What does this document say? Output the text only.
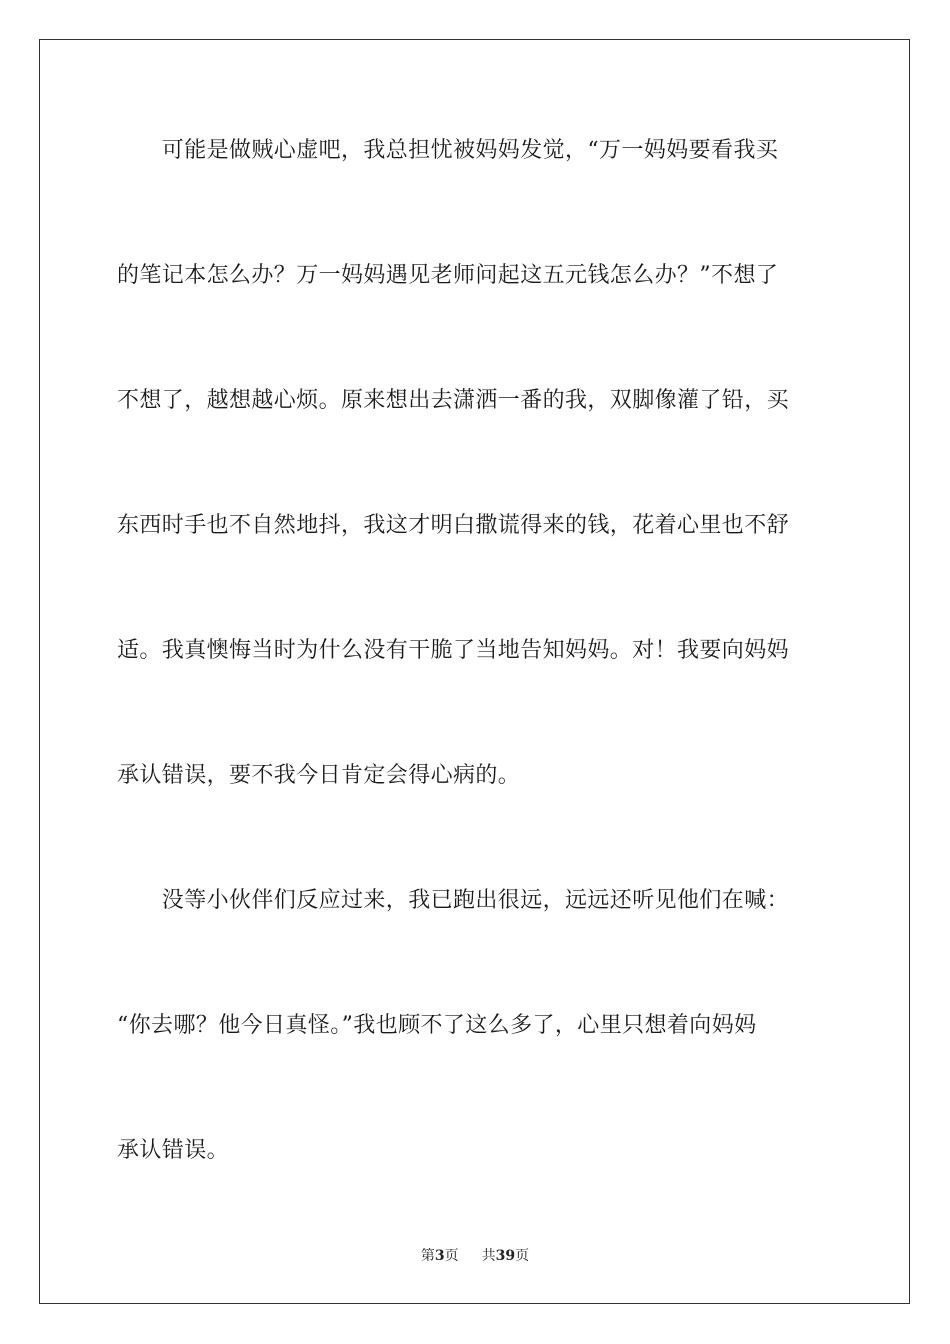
　　可能是做贼心虚吧，我总担忧被妈妈发觉，“万一妈妈要看我买
的笔记本怎么办？万一妈妈遇见老师问起这五元钱怎么办？”不想了
不想了，越想越心烦。原来想出去潇洒一番的我，双脚像灌了铅，买
东西时手也不自然地抖，我这才明白撒谎得来的钱，花着心里也不舒
适。我真懊悔当时为什么没有干脆了当地告知妈妈。对！我要向妈妈
承认错误，要不我今日肯定会得心病的。
　　没等小伙伴们反应过来，我已跑出很远，远远还听见他们在喊：
“你去哪？他今日真怪。”我也顾不了这么多了，心里只想着向妈妈
承认错误。
第3页 共39页
